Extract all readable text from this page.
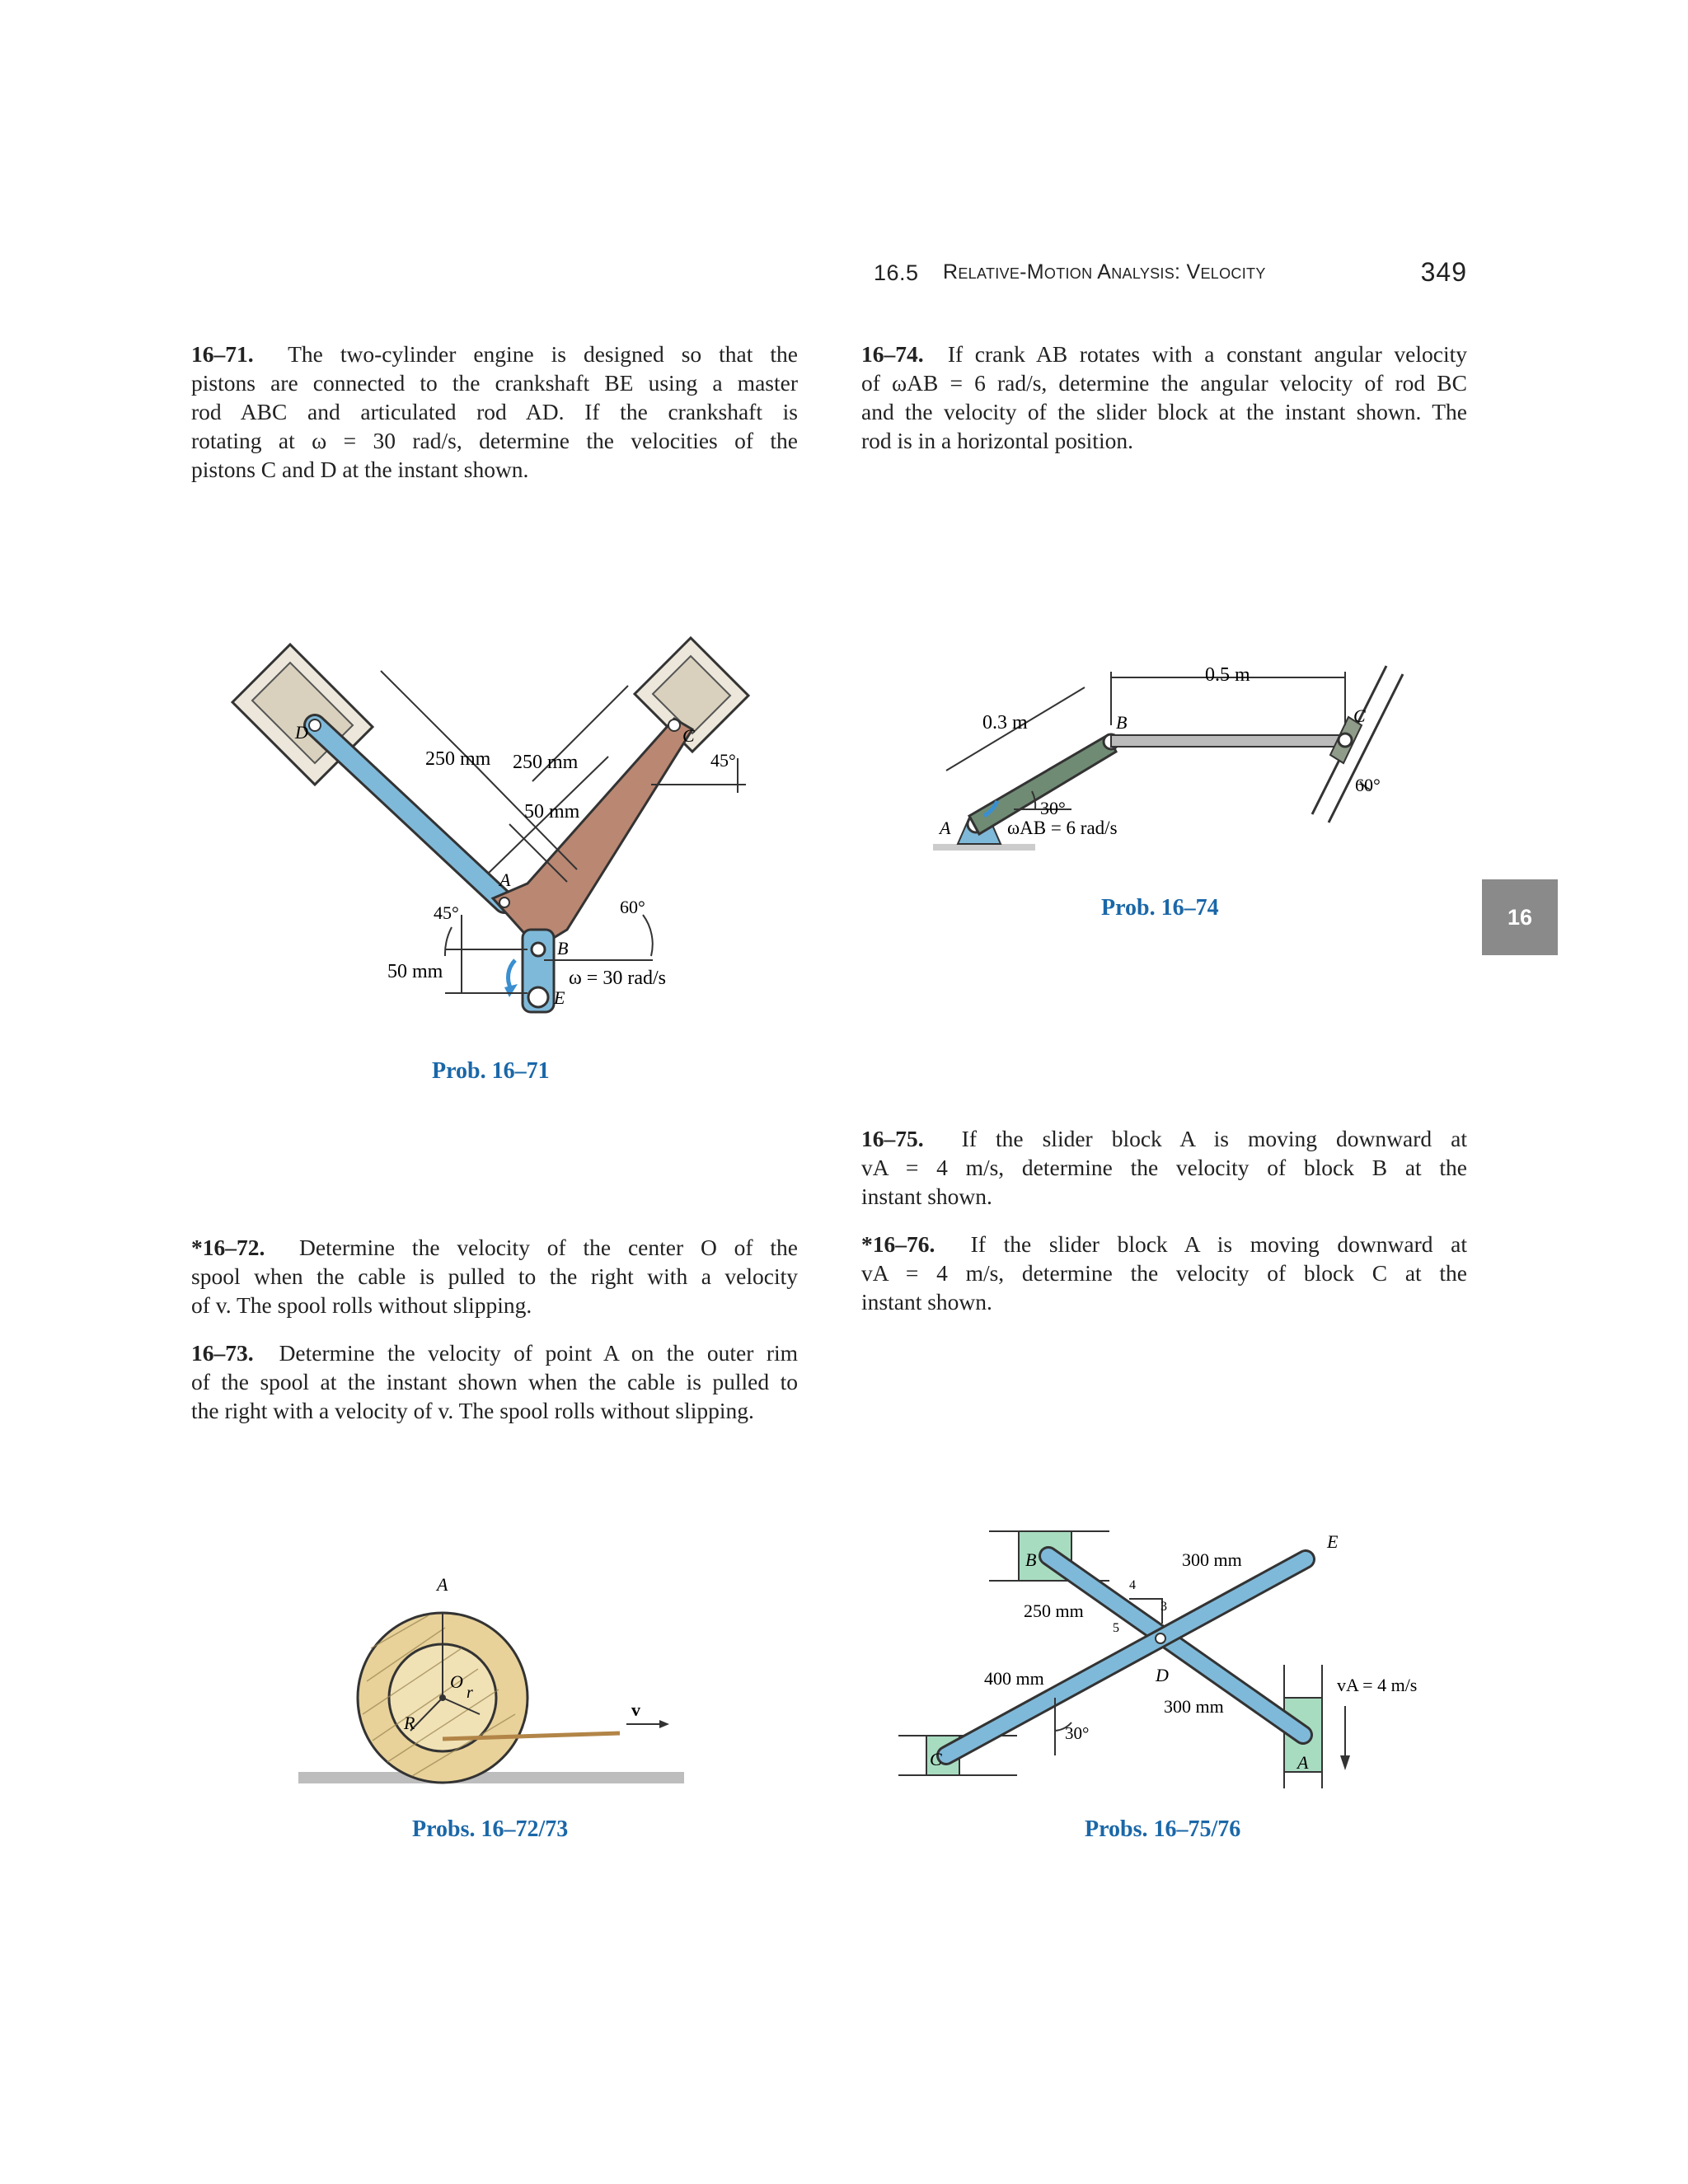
16.5 Relative-Motion Analysis: Velocity	349
16
16–71. The two-cylinder engine is designed so that the
pistons are connected to the crankshaft BE using a master
rod ABC and articulated rod AD. If the crankshaft is
rotating at ω = 30 rad/s, determine the velocities of the
pistons C and D at the instant shown.
16–74. If crank AB rotates with a constant angular velocity
of ωAB = 6 rad/s, determine the angular velocity of rod BC
and the velocity of the slider block at the instant shown. The
rod is in a horizontal position.
16–75. If the slider block A is moving downward at
vA = 4 m/s, determine the velocity of block B at the
instant shown.
*16–76. If the slider block A is moving downward at
vA = 4 m/s, determine the velocity of block C at the
instant shown.
*16–72. Determine the velocity of the center O of the
spool when the cable is pulled to the right with a velocity
of v. The spool rolls without slipping.
16–73. Determine the velocity of point A on the outer rim
of the spool at the instant shown when the cable is pulled to
the right with a velocity of v. The spool rolls without slipping.
D	C
A
B
E
250 mm 250 mm
50 mm
50 mm
45°
45°	60°
ω = 30 rad/s
Prob. 16–71
A
B	C
0.3 m
0.5 m
30°
60°
ωAB = 6 rad/s
Prob. 16–74
A
O
r
R
v
Probs. 16–72/73
B
C
D
E
A
250 mm
300 mm
400 mm
300 mm
30°
3
4
5
vA = 4 m/s
Probs. 16–75/76
